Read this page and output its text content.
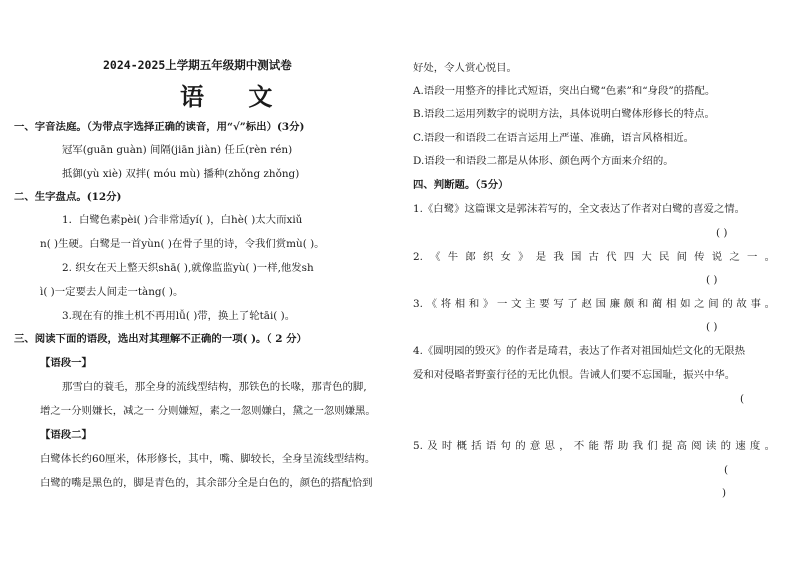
2024-2025上学期五年级期中测试卷
语 文
一、字音法庭。（为带点字选择正确的读音，用“√”标出）(3分)
冠军(guān guàn) 间隔(jiān jiàn) 任丘(rèn rén)
抵御(yù xiè) 双拌( móu mù) 播种(zhǒng zhǒng)
二、生字盘点。(12分)
1．白鹭色素pèi( )合非常适yí( )，白hè( )太大而xiǔ
n( )生硬。白鹭是一首yùn( )在骨子里的诗，令我们赏mù( )。
2. 织女在天上整天织shā( ),就像监监yù( )一样,他发sh
ì( )一定要去人间走一tàng( )。
3.现在有的推土机不再用lǚ( )带，换上了轮tāi( )。
三、阅读下面的语段，选出对其理解不正确的一项( )。（ 2 分）
【语段一】
那雪白的蓑毛，那全身的流线型结构，那铁色的长喙，那青色的脚,
增之一分则嫌长，减之一 分则嫌短，素之一忽则嫌白，黛之一忽则嫌黑。
【语段二】
白鹭体长约60厘米，体形修长，其中，嘴、脚较长，全身呈流线型结构。
白鹭的嘴是黑色的，脚是青色的，其余部分全是白色的，颜色的搭配恰到
好处，令人赏心悦目。
A.语段一用整齐的排比式短语，突出白鹭“色素”和“身段”的搭配。
B.语段二运用列数字的说明方法，具体说明白鹭体形修长的特点。
C.语段一和语段二在语言运用上严谨、准确，语言风格相近。
D.语段一和语段二都是从体形、颜色两个方面来介绍的。
四、判断题。（5分）
1.《白鹭》这篇课文是郭沫若写的，全文表达了作者对白鹭的喜爱之情。
( )
2.《牛郎织女》是我国古代四大民间传说之一。
( )
3.《将相和》一文主要写了赵国廉颇和蔺相如之间的故事。
( )
4.《圆明园的毁灭》的作者是琦君，表达了作者对祖国灿烂文化的无限热
爱和对侵略者野蛮行径的无比仇恨。告诫人们要不忘国耻，振兴中华。
(
5.及时概括语句的意思，不能帮助我们提高阅读的速度。
(
)
